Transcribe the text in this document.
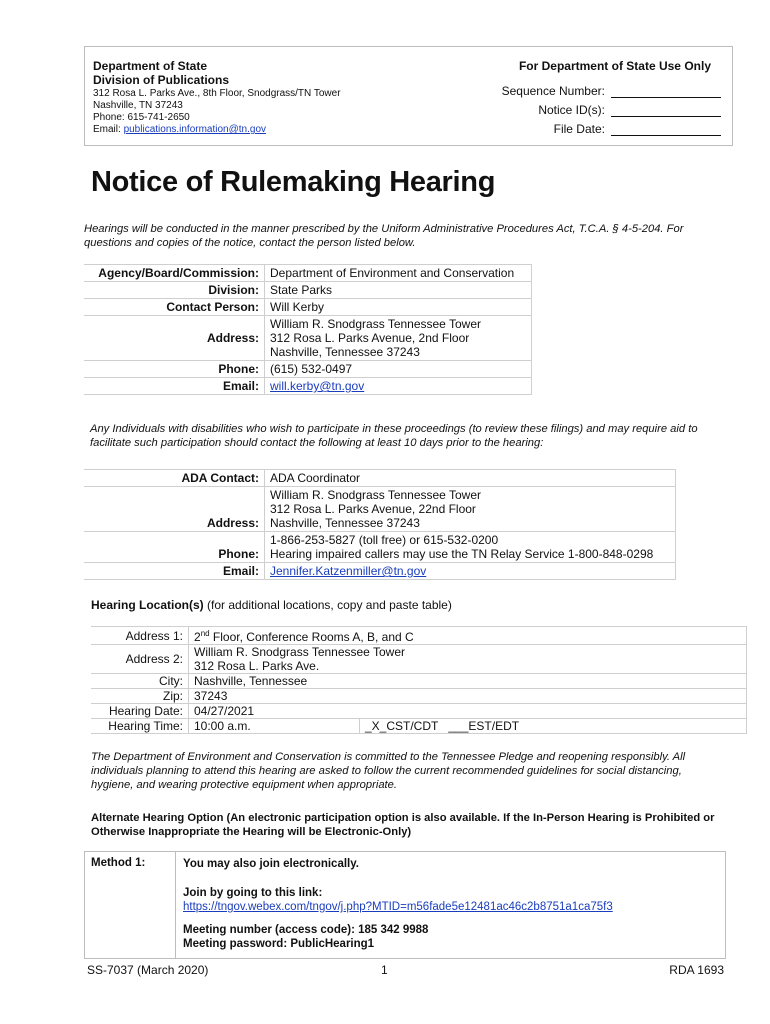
Department of State
Division of Publications
312 Rosa L. Parks Ave., 8th Floor, Snodgrass/TN Tower
Nashville, TN 37243
Phone: 615-741-2650
Email: publications.information@tn.gov
For Department of State Use Only
Sequence Number:
Notice ID(s):
File Date:
Notice of Rulemaking Hearing
Hearings will be conducted in the manner prescribed by the Uniform Administrative Procedures Act, T.C.A. § 4-5-204. For questions and copies of the notice, contact the person listed below.
Agency/Board/Commission:	Department of Environment and Conservation
Division:	State Parks
Contact Person:	Will Kerby
Address:	William R. Snodgrass Tennessee Tower
312 Rosa L. Parks Avenue, 2nd Floor
Nashville, Tennessee 37243

Phone:	(615) 532-0497
Email:	will.kerby@tn.gov
Any Individuals with disabilities who wish to participate in these proceedings (to review these filings) and may require aid to facilitate such participation should contact the following at least 10 days prior to the hearing:
ADA Contact:	ADA Coordinator
Address:	William R. Snodgrass Tennessee Tower
312 Rosa L. Parks Avenue, 22nd Floor
Nashville, Tennessee 37243

Phone:	1-866-253-5827 (toll free) or 615-532-0200
Hearing impaired callers may use the TN Relay Service 1-800-848-0298

Email:	Jennifer.Katzenmiller@tn.gov
Hearing Location(s) (for additional locations, copy and paste table)
Address 1:	2nd Floor, Conference Rooms A, B, and C	
Address 2:	William R. Snodgrass Tennessee Tower
312 Rosa L. Parks Ave.	

City:	Nashville, Tennessee	
Zip:	37243	
Hearing Date:	04/27/2021	
Hearing Time:	10:00 a.m.	_X_CST/CDT ___EST/EDT
The Department of Environment and Conservation is committed to the Tennessee Pledge and reopening responsibly. All individuals planning to attend this hearing are asked to follow the current recommended guidelines for social distancing, hygiene, and wearing protective equipment when appropriate.
Alternate Hearing Option (An electronic participation option is also available. If the In-Person Hearing is Prohibited or Otherwise Inappropriate the Hearing will be Electronic-Only)
Method 1:	You may also join electronically.
Join by going to this link:
https://tngov.webex.com/tngov/j.php?MTID=m56fade5e12481ac46c2b8751a1ca75f3
Meeting number (access code): 185 342 9988
Meeting password: PublicHearing1
SS-7037 (March 2020)	1	RDA 1693
